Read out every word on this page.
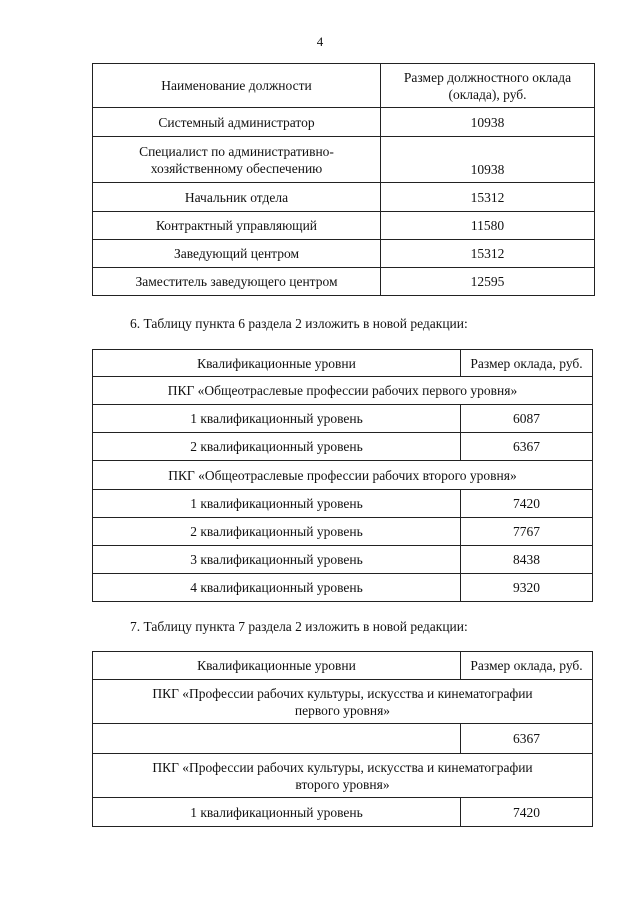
4
Наименование должности	Размер должностного оклада (оклада), руб.
Системный администратор	10938
Специалист по административно-хозяйственному обеспечению	10938
Начальник отдела	15312
Контрактный управляющий	11580
Заведующий центром	15312
Заместитель заведующего центром	12595
6. Таблицу пункта 6 раздела 2 изложить в новой редакции:
Квалификационные уровни	Размер оклада, руб.
ПКГ «Общеотраслевые профессии рабочих первого уровня»	
1 квалификационный уровень	6087
2 квалификационный уровень	6367
ПКГ «Общеотраслевые профессии рабочих второго уровня»	
1 квалификационный уровень	7420
2 квалификационный уровень	7767
3 квалификационный уровень	8438
4 квалификационный уровень	9320
7. Таблицу пункта 7 раздела 2 изложить в новой редакции:
Квалификационные уровни	Размер оклада, руб.
ПКГ «Профессии рабочих культуры, искусства и кинематографии первого уровня»	
	6367
ПКГ «Профессии рабочих культуры, искусства и кинематографии второго уровня»	
1 квалификационный уровень	7420
